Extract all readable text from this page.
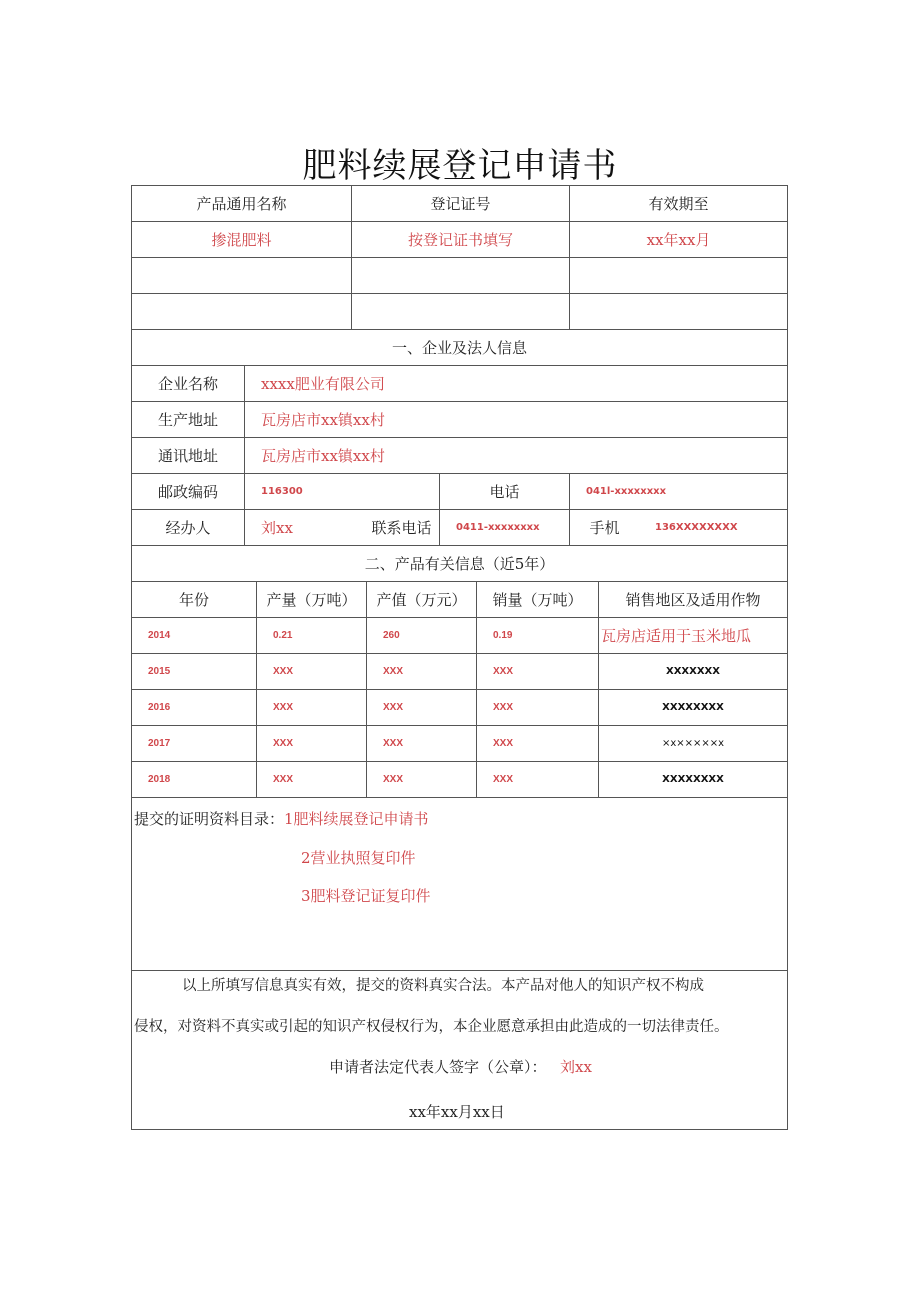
肥料续展登记申请书
产品通用名称	登记证号	有效期至
掺混肥料	按登记证书填写	xx年xx月
一、企业及法人信息
企业名称	xxxx肥业有限公司
生产地址	瓦房店市xx镇xx村
通讯地址	瓦房店市xx镇xx村
邮政编码	116300	电话	041l-xxxxxxxx
经办人	刘xx	联系电话	0411-xxxxxxxx	手机	136XXXXXXXX
二、产品有关信息（近5年）
年份	产量（万吨）	产值（万元）	销量（万吨）	销售地区及适用作物
2014	0.21	260	0.19	瓦房店适用于玉米地瓜
2015	XXX	XXX	XXX	XXXXXXX
2016	XXX	XXX	XXX	XXXXXXXX
2017	XXX	XXX	XXX	×x×××××x
2018	XXX	XXX	XXX	XXXXXXXX
提交的证明资料目录： 1肥料续展登记申请书
2营业执照复印件
3肥料登记证复印件
以上所填写信息真实有效，提交的资料真实合法。本产品对他人的知识产权不构成
侵权，对资料不真实或引起的知识产权侵权行为，本企业愿意承担由此造成的一切法律责任。
申请者法定代表人签字（公章）： 刘xx
xx年xx月xx日
